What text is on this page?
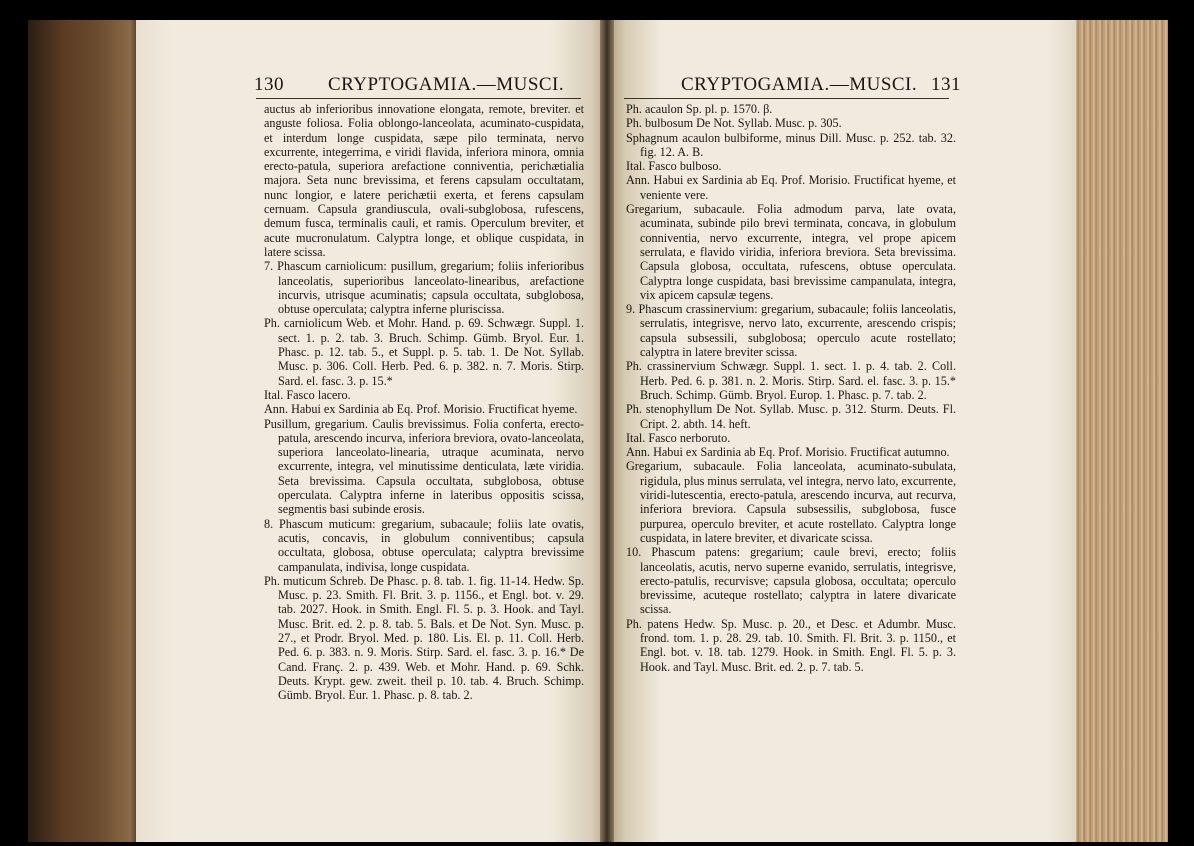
130 CRYPTOGAMIA.—MUSCI.

auctus ab inferioribus innovatione elongata, remote, breviter. et anguste foliosa. Folia oblongo-lanceolata, acuminato-cuspidata, et interdum longe cuspidata, sæpe pilo terminata, nervo excurrente, integerrima, e viridi flavida, inferiora minora, omnia erecto-patula, superiora arefactione conniventia, perichætialia majora. Seta nunc brevissima, et ferens capsulam occultatam, nunc longior, e latere perichætii exerta, et ferens capsulam cernuam. Capsula grandiuscula, ovali-subglobosa, rufescens, demum fusca, terminalis cauli, et ramis. Operculum breviter, et acute mucronulatum. Calyptra longe, et oblique cuspidata, in latere scissa.

7. Phascum carniolicum: pusillum, gregarium; foliis inferioribus lanceolatis, superioribus lanceolato-linearibus, arefactione incurvis, utrisque acuminatis; capsula occultata, subglobosa, obtuse operculata; calyptra inferne pluriscissa.

Ph. carniolicum Web. et Mohr. Hand. p. 69. Schwægr. Suppl. 1. sect. 1. p. 2. tab. 3. Bruch. Schimp. Gümb. Bryol. Eur. 1. Phasc. p. 12. tab. 5., et Suppl. p. 5. tab. 1. De Not. Syllab. Musc. p. 306. Coll. Herb. Ped. 6. p. 382. n. 7. Moris. Stirp. Sard. el. fasc. 3. p. 15.*

Ital. Fasco lacero.

Ann. Habui ex Sardinia ab Eq. Prof. Morisio. Fructificat hyeme.

Pusillum, gregarium. Caulis brevissimus. Folia conferta, erecto-patula, arescendo incurva, inferiora breviora, ovato-lanceolata, superiora lanceolato-linearia, utraque acuminata, nervo excurrente, integra, vel minutissime denticulata, læte viridia. Seta brevissima. Capsula occultata, subglobosa, obtuse operculata. Calyptra inferne in lateribus oppositis scissa, segmentis basi subinde erosis.

8. Phascum muticum: gregarium, subacaule; foliis late ovatis, acutis, concavis, in globulum conniventibus; capsula occultata, globosa, obtuse operculata; calyptra brevissime campanulata, indivisa, longe cuspidata.

Ph. muticum Schreb. De Phasc. p. 8. tab. 1. fig. 11-14. Hedw. Sp. Musc. p. 23. Smith. Fl. Brit. 3. p. 1156., et Engl. bot. v. 29. tab. 2027. Hook. in Smith. Engl. Fl. 5. p. 3. Hook. and Tayl. Musc. Brit. ed. 2. p. 8. tab. 5. Bals. et De Not. Syn. Musc. p. 27., et Prodr. Bryol. Med. p. 180. Lis. El. p. 11. Coll. Herb. Ped. 6. p. 383. n. 9. Moris. Stirp. Sard. el. fasc. 3. p. 16.* De Cand. Franç. 2. p. 439. Web. et Mohr. Hand. p. 69. Schk. Deuts. Krypt. gew. zweit. theil p. 10. tab. 4. Bruch. Schimp. Gümb. Bryol. Eur. 1. Phasc. p. 8. tab. 2.

CRYPTOGAMIA.—MUSCI. 131

Ph. acaulon Sp. pl. p. 1570. β.

Ph. bulbosum De Not. Syllab. Musc. p. 305.

Sphagnum acaulon bulbiforme, minus Dill. Musc. p. 252. tab. 32. fig. 12. A. B.

Ital. Fasco bulboso.

Ann. Habui ex Sardinia ab Eq. Prof. Morisio. Fructificat hyeme, et veniente vere.

Gregarium, subacaule. Folia admodum parva, late ovata, acuminata, subinde pilo brevi terminata, concava, in globulum conniventia, nervo excurrente, integra, vel prope apicem serrulata, e flavido viridia, inferiora breviora. Seta brevissima. Capsula globosa, occultata, rufescens, obtuse operculata. Calyptra longe cuspidata, basi brevissime campanulata, integra, vix apicem capsulæ tegens.

9. Phascum crassinervium: gregarium, subacaule; foliis lanceolatis, serrulatis, integrisve, nervo lato, excurrente, arescendo crispis; capsula subsessili, subglobosa; operculo acute rostellato; calyptra in latere breviter scissa.

Ph. crassinervium Schwægr. Suppl. 1. sect. 1. p. 4. tab. 2. Coll. Herb. Ped. 6. p. 381. n. 2. Moris. Stirp. Sard. el. fasc. 3. p. 15.* Bruch. Schimp. Gümb. Bryol. Europ. 1. Phasc. p. 7. tab. 2.

Ph. stenophyllum De Not. Syllab. Musc. p. 312. Sturm. Deuts. Fl. Cript. 2. abth. 14. heft.

Ital. Fasco nerboruto.

Ann. Habui ex Sardinia ab Eq. Prof. Morisio. Fructificat autumno.

Gregarium, subacaule. Folia lanceolata, acuminato-subulata, rigidula, plus minus serrulata, vel integra, nervo lato, excurrente, viridi-lutescentia, erecto-patula, arescendo incurva, aut recurva, inferiora breviora. Capsula subsessilis, subglobosa, fusce purpurea, operculo breviter, et acute rostellato. Calyptra longe cuspidata, in latere breviter, et divaricate scissa.

10. Phascum patens: gregarium; caule brevi, erecto; foliis lanceolatis, acutis, nervo superne evanido, serrulatis, integrisve, erecto-patulis, recurvisve; capsula globosa, occultata; operculo brevissime, acuteque rostellato; calyptra in latere divaricate scissa.

Ph. patens Hedw. Sp. Musc. p. 20., et Desc. et Adumbr. Musc. frond. tom. 1. p. 28. 29. tab. 10. Smith. Fl. Brit. 3. p. 1150., et Engl. bot. v. 18. tab. 1279. Hook. in Smith. Engl. Fl. 5. p. 3. Hook. and Tayl. Musc. Brit. ed. 2. p. 7. tab. 5.
